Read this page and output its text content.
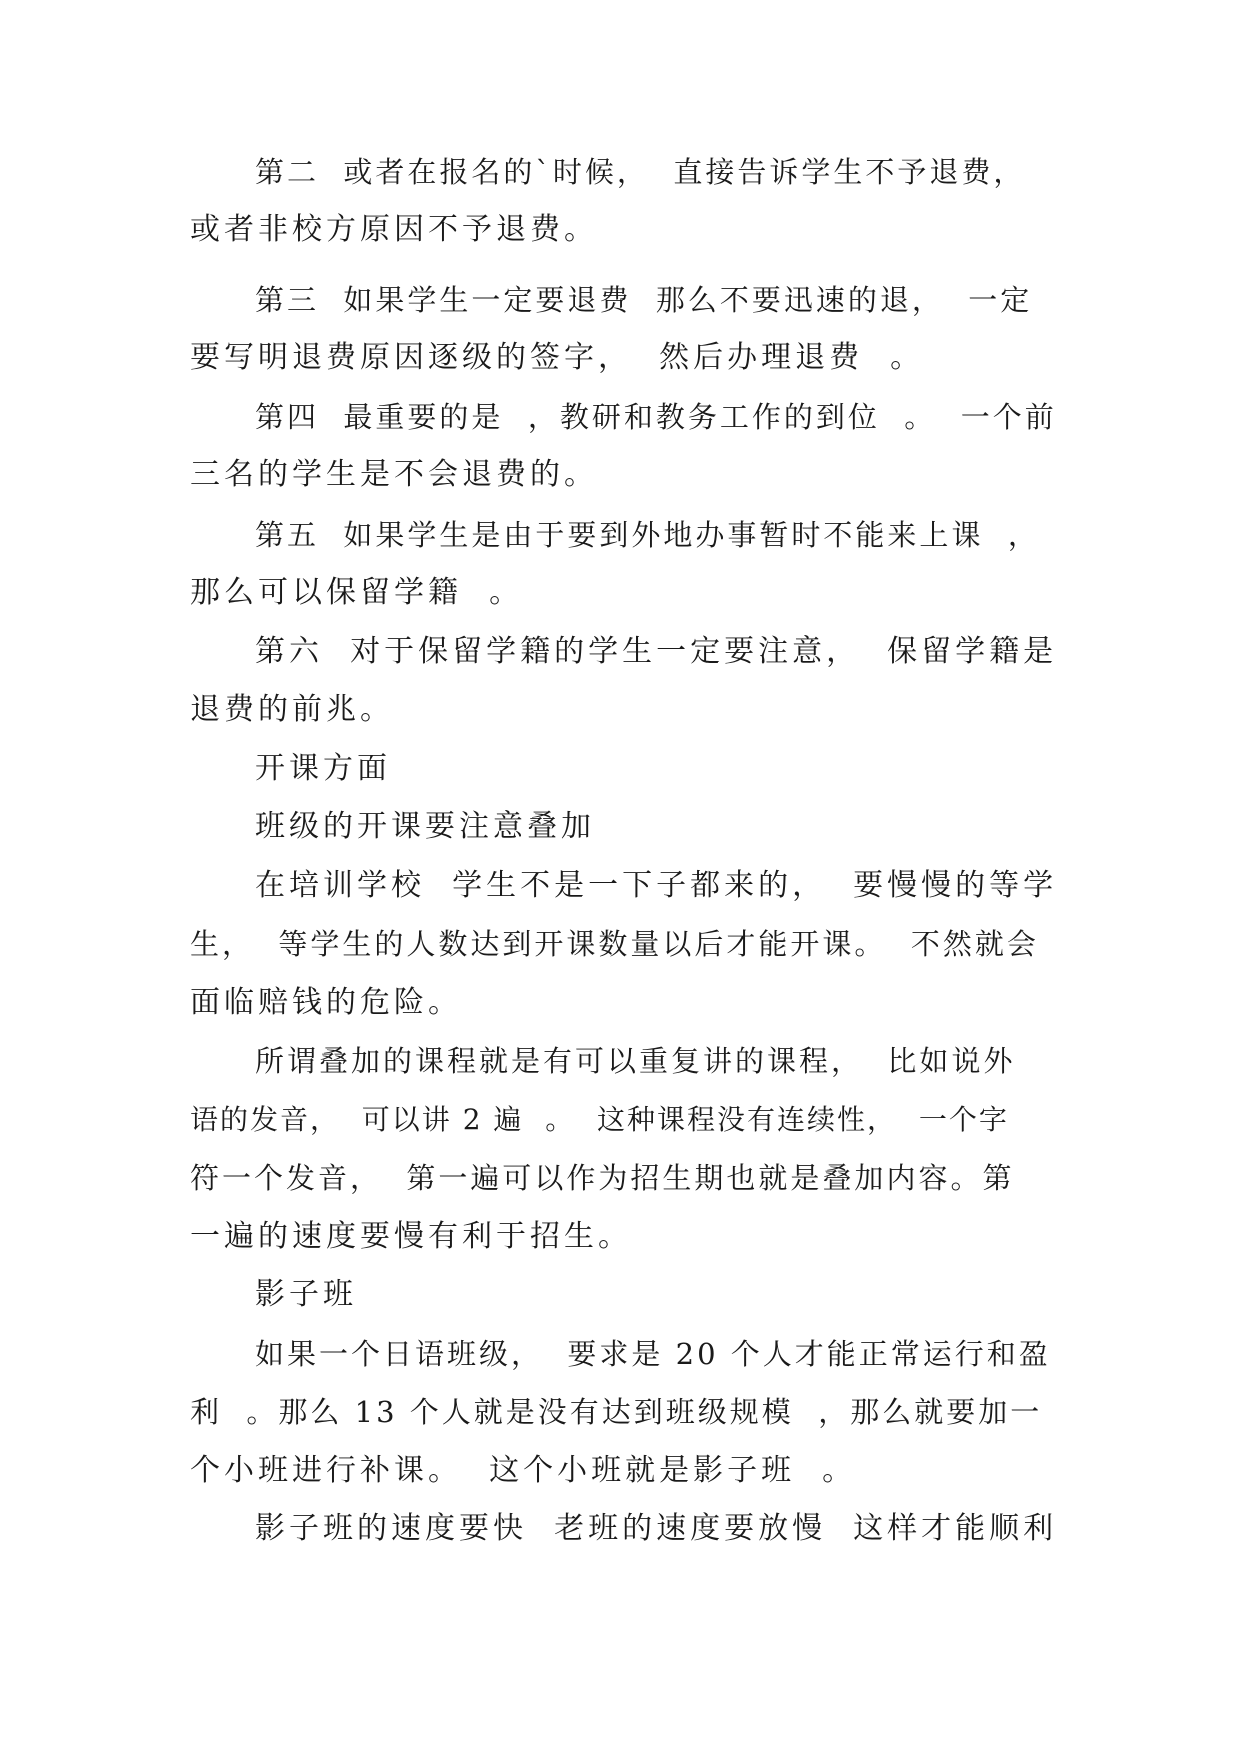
第二  或者在报名的`时候，  直接告诉学生不予退费，

或者非校方原因不予退费。

第三  如果学生一定要退费  那么不要迅速的退，  一定

要写明退费原因逐级的签字，  然后办理退费  。

第四  最重要的是  ，教研和教务工作的到位  。  一个前

三名的学生是不会退费的。

第五  如果学生是由于要到外地办事暂时不能来上课  ，

那么可以保留学籍  。

第六  对于保留学籍的学生一定要注意，  保留学籍是

退费的前兆。

开课方面

班级的开课要注意叠加

在培训学校  学生不是一下子都来的，  要慢慢的等学

生，  等学生的人数达到开课数量以后才能开课。  不然就会

面临赔钱的危险。

所谓叠加的课程就是有可以重复讲的课程，  比如说外

语的发音，  可以讲 2 遍  。  这种课程没有连续性，  一个字

符一个发音，  第一遍可以作为招生期也就是叠加内容。第

一遍的速度要慢有利于招生。

影子班

如果一个日语班级，  要求是 20 个人才能正常运行和盈

利  。那么 13 个人就是没有达到班级规模  ，那么就要加一

个小班进行补课。  这个小班就是影子班  。

影子班的速度要快  老班的速度要放慢  这样才能顺利
